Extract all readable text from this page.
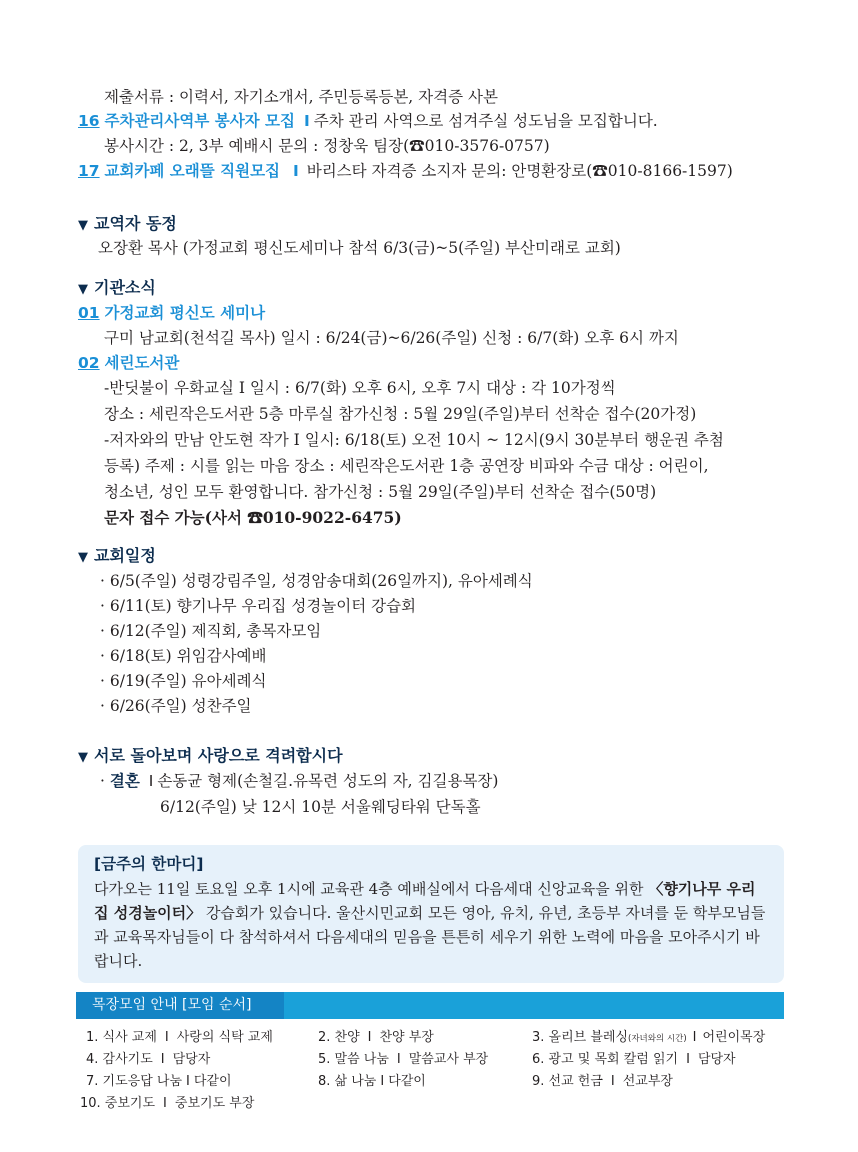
제출서류 : 이력서, 자기소개서, 주민등록등본, 자격증 사본
16 주차관리사역부 봉사자 모집 I 주차 관리 사역으로 섬겨주실 성도님을 모집합니다.
봉사시간 : 2, 3부 예배시 문의 : 정창욱 팀장(☎010-3576-0757)
17 교회카페 오래뜰 직원모집 I 바리스타 자격증 소지자 문의: 안명환장로(☎010-8166-1597)
▼ 교역자 동정
오장환 목사 (가정교회 평신도세미나 참석 6/3(금)~5(주일) 부산미래로 교회)
▼ 기관소식
01 가정교회 평신도 세미나
구미 남교회(천석길 목사) 일시 : 6/24(금)~6/26(주일) 신청 : 6/7(화) 오후 6시 까지
02 세린도서관
-반딧불이 우화교실 I 일시 : 6/7(화) 오후 6시, 오후 7시 대상 : 각 10가정씩
장소 : 세린작은도서관 5층 마루실 참가신청 : 5월 29일(주일)부터 선착순 접수(20가정)
-저자와의 만남 안도현 작가 I 일시: 6/18(토) 오전 10시 ~ 12시(9시 30분부터 행운권 추첨
등록) 주제 : 시를 읽는 마음 장소 : 세린작은도서관 1층 공연장 비파와 수금 대상 : 어린이,
청소년, 성인 모두 환영합니다. 참가신청 : 5월 29일(주일)부터 선착순 접수(50명)
문자 접수 가능(사서 ☎010-9022-6475)
▼ 교회일정
· 6/5(주일) 성령강림주일, 성경암송대회(26일까지), 유아세례식
· 6/11(토) 향기나무 우리집 성경놀이터 강습회
· 6/12(주일) 제직회, 총목자모임
· 6/18(토) 위임감사예배
· 6/19(주일) 유아세례식
· 6/26(주일) 성찬주일
▼ 서로 돌아보며 사랑으로 격려합시다
· 결혼 I 손동균 형제(손철길.유목련 성도의 자, 김길용목장)
6/12(주일) 낮 12시 10분 서울웨딩타워 단독홀
[금주의 한마디]
다가오는 11일 토요일 오후 1시에 교육관 4층 예배실에서 다음세대 신앙교육을 위한 〈향기나무 우리집 성경놀이터〉 강습회가 있습니다. 울산시민교회 모든 영아, 유치, 유년, 초등부 자녀를 둔 학부모님들과 교육목자님들이 다 참석하셔서 다음세대의 믿음을 튼튼히 세우기 위한 노력에 마음을 모아주시기 바랍니다.
목장모임 안내 [모임 순서]
1. 식사 교제 I 사랑의 식탁 교제	2. 찬양 I 찬양 부장	3. 올리브 블레싱(자녀와의 시간) I 어린이목장
4. 감사기도 I 담당자	5. 말씀 나눔 I 말씀교사 부장	6. 광고 및 목회 칼럼 읽기 I 담당자
7. 기도응답 나눔 I 다같이	8. 삶 나눔 I 다같이	9. 선교 헌금 I 선교부장
10. 중보기도 I 중보기도 부장
